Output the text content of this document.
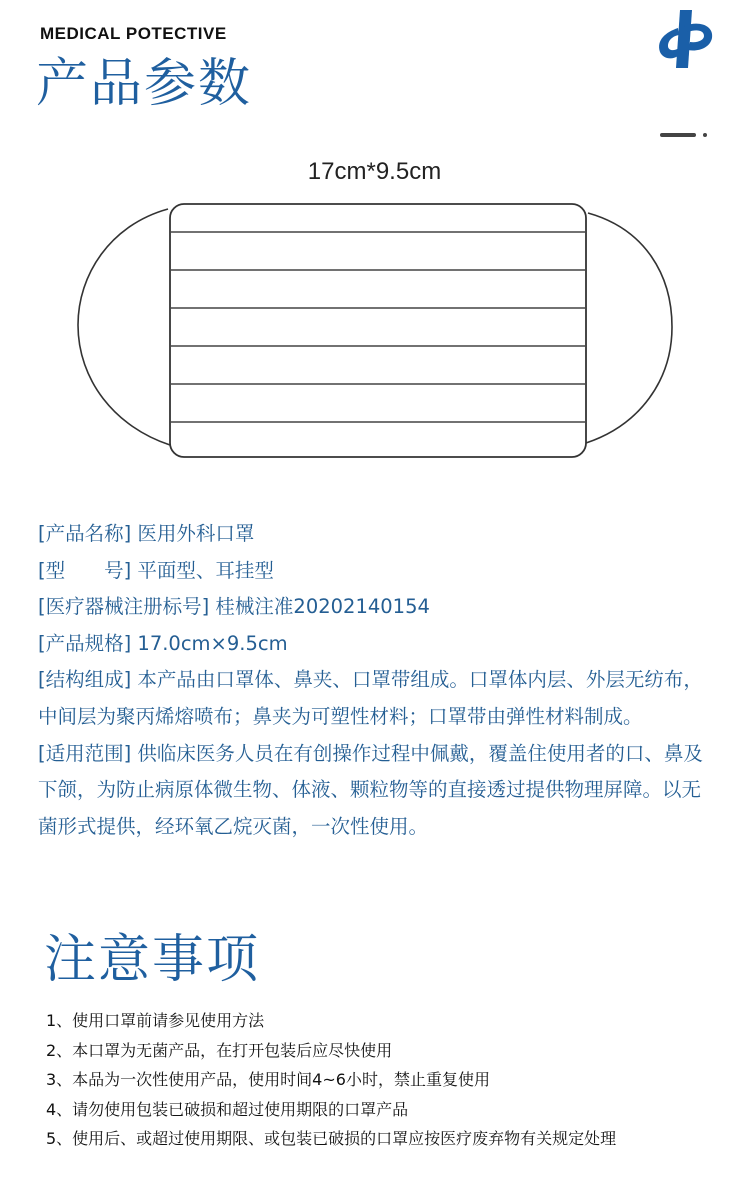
MEDICAL POTECTIVE
产品参数
17cm*9.5cm

[产品名称] 医用外科口罩

[型　　号] 平面型、耳挂型

[医疗器械注册标号] 桂械注准20202140154

[产品规格] 17.0cm×9.5cm

[结构组成] 本产品由口罩体、鼻夹、口罩带组成。口罩体内层、外层无纺布，中间层为聚丙烯熔喷布；鼻夹为可塑性材料；口罩带由弹性材料制成。

[适用范围] 供临床医务人员在有创操作过程中佩戴，覆盖住使用者的口、鼻及下颌，为防止病原体微生物、体液、颗粒物等的直接透过提供物理屏障。以无菌形式提供，经环氧乙烷灭菌，一次性使用。

注意事项
1、使用口罩前请参见使用方法
2、本口罩为无菌产品，在打开包装后应尽快使用
3、本品为一次性使用产品，使用时间4~6小时，禁止重复使用
4、请勿使用包装已破损和超过使用期限的口罩产品
5、使用后、或超过使用期限、或包装已破损的口罩应按医疗废弃物有关规定处理
